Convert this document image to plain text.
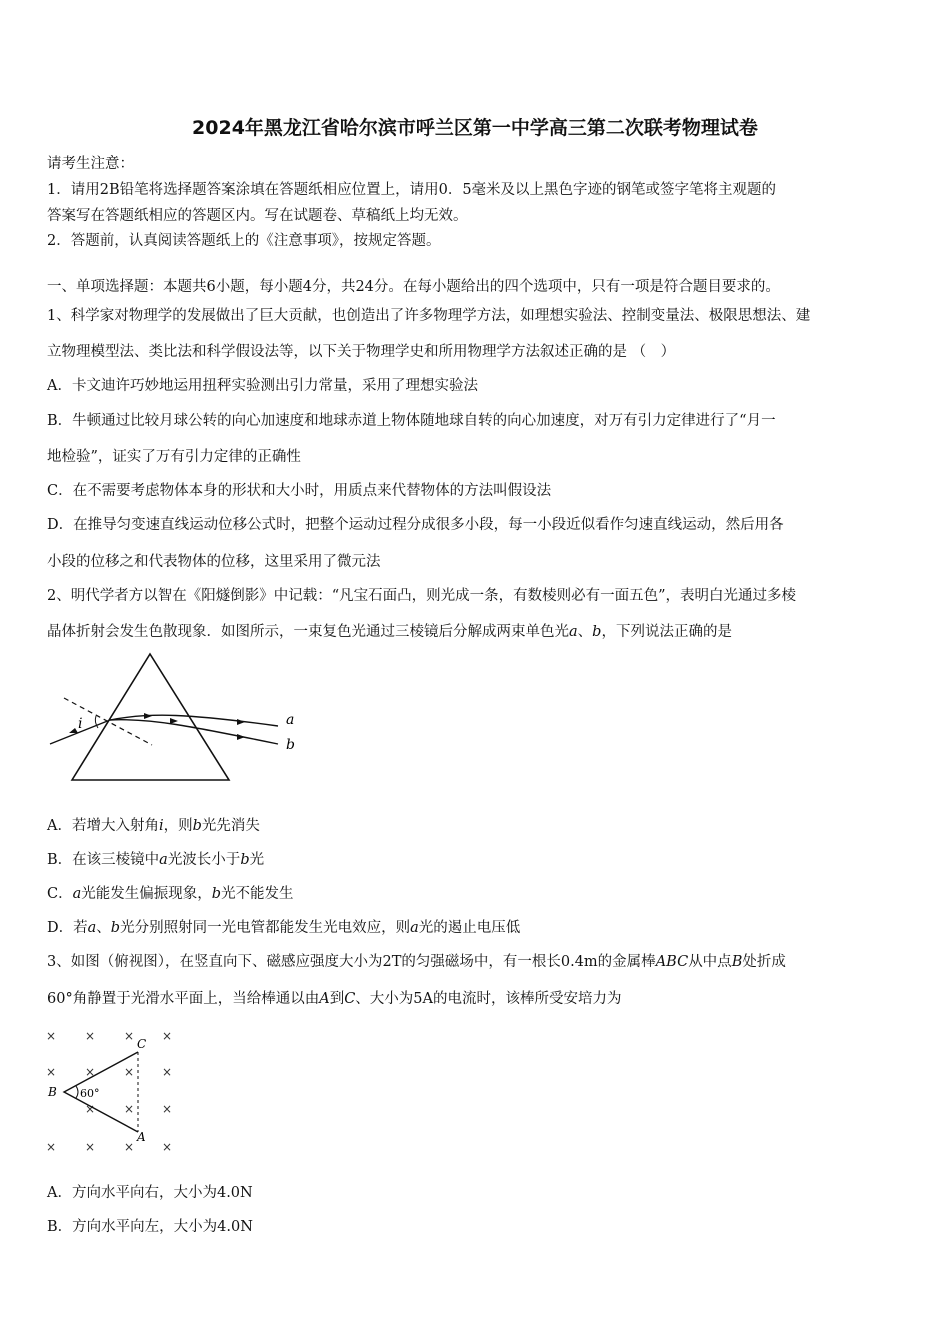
2024年黑龙江省哈尔滨市呼兰区第一中学高三第二次联考物理试卷
请考生注意：
1．请用2B铅笔将选择题答案涂填在答题纸相应位置上，请用0．5毫米及以上黑色字迹的钢笔或签字笔将主观题的
答案写在答题纸相应的答题区内。写在试题卷、草稿纸上均无效。
2．答题前，认真阅读答题纸上的《注意事项》，按规定答题。
一、单项选择题：本题共6小题，每小题4分，共24分。在每小题给出的四个选项中，只有一项是符合题目要求的。
1、科学家对物理学的发展做出了巨大贡献，也创造出了许多物理学方法，如理想实验法、控制变量法、极限思想法、建
立物理模型法、类比法和科学假设法等，以下关于物理学史和所用物理学方法叙述正确的是 （　）
A．卡文迪许巧妙地运用扭秤实验测出引力常量，采用了理想实验法
B．牛顿通过比较月球公转的向心加速度和地球赤道上物体随地球自转的向心加速度，对万有引力定律进行了“月一
地检验”，证实了万有引力定律的正确性
C．在不需要考虑物体本身的形状和大小时，用质点来代替物体的方法叫假设法
D．在推导匀变速直线运动位移公式时，把整个运动过程分成很多小段，每一小段近似看作匀速直线运动，然后用各
小段的位移之和代表物体的位移，这里采用了微元法
2、明代学者方以智在《阳燧倒影》中记载：“凡宝石面凸，则光成一条，有数棱则必有一面五色”，表明白光通过多棱
晶体折射会发生色散现象．如图所示，一束复色光通过三棱镜后分解成两束单色光a、b，下列说法正确的是
i	a
b
A．若增大入射角i，则b光先消失
B．在该三棱镜中a光波长小于b光
C．a光能发生偏振现象，b光不能发生
D．若a、b光分别照射同一光电管都能发生光电效应，则a光的遏止电压低
3、如图（俯视图），在竖直向下、磁感应强度大小为2T的匀强磁场中，有一根长0.4m的金属棒ABC从中点B处折成
60°角静置于光滑水平面上，当给棒通以由A到C、大小为5A的电流时，该棒所受安培力为
× × × ×
× × × ×
× × ×
× × × ×
60°
C
B
A
A．方向水平向右，大小为4.0N
B．方向水平向左，大小为4.0N
